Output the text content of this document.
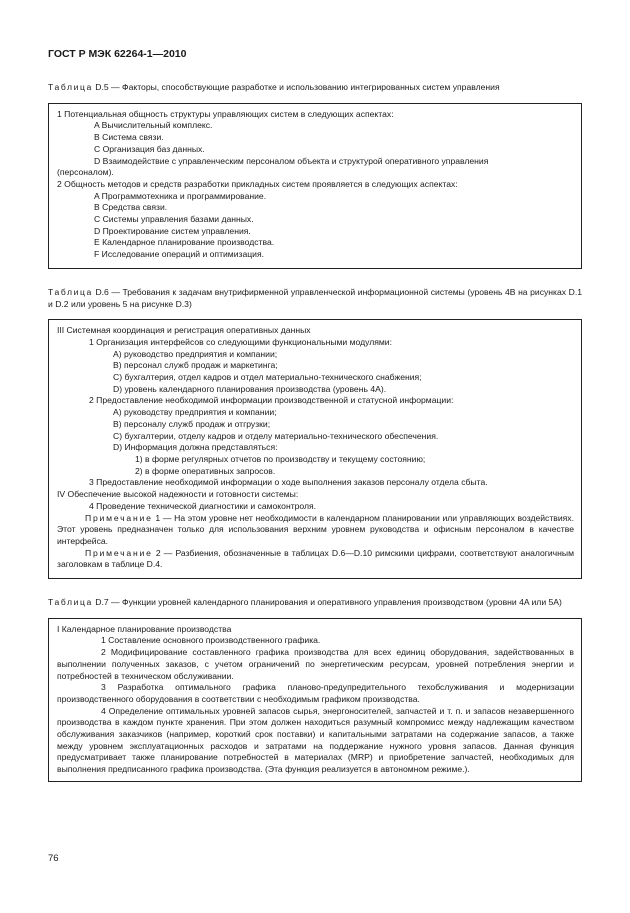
ГОСТ Р МЭК 62264-1—2010
Таблица D.5 — Факторы, способствующие разработке и использованию интегрированных систем управления

1 Потенциальная общность структуры управляющих систем в следующих аспектах:

A Вычислительный комплекс.

B Система связи.

C Организация баз данных.

D Взаимодействие с управленческим персоналом объекта и структурой оперативного управления

(персоналом).

2 Общность методов и средств разработки прикладных систем проявляется в следующих аспектах:

A Программотехника и программирование.

B Средства связи.

C Системы управления базами данных.

D Проектирование систем управления.

E Календарное планирование производства.

F Исследование операций и оптимизация.

Таблица D.6 — Требования к задачам внутрифирменной управленческой информационной системы (уровень 4B на рисунках D.1 и D.2 или уровень 5 на рисунке D.3)

III Системная координация и регистрация оперативных данных

1 Организация интерфейсов со следующими функциональными модулями:

A) руководство предприятия и компании;

B) персонал служб продаж и маркетинга;

C) бухгалтерия, отдел кадров и отдел материально-технического снабжения;

D) уровень календарного планирования производства (уровень 4A).

2 Предоставление необходимой информации производственной и статусной информации:

A) руководству предприятия и компании;

B) персоналу служб продаж и отгрузки;

C) бухгалтерии, отделу кадров и отделу материально-технического обеспечения.

D) Информация должна представляться:

1) в форме регулярных отчетов по производству и текущему состоянию;

2) в форме оперативных запросов.

3 Предоставление необходимой информации о ходе выполнения заказов персоналу отдела сбыта.

IV Обеспечение высокой надежности и готовности системы:

4 Проведение технической диагностики и самоконтроля.

Примечание 1 — На этом уровне нет необходимости в календарном планировании или управляющих воздействиях. Этот уровень предназначен только для использования верхним уровнем руководства и офисным персоналом в качестве интерфейса.

Примечание 2 — Разбиения, обозначенные в таблицах D.6—D.10 римскими цифрами, соответствуют аналогичным заголовкам в таблице D.4.

Таблица D.7 — Функции уровней календарного планирования и оперативного управления производством (уровни 4A или 5A)

I Календарное планирование производства

1 Составление основного производственного графика.

2 Модифицирование составленного графика производства для всех единиц оборудования, задействованных в выполнении полученных заказов, с учетом ограничений по энергетическим ресурсам, уровней потребления энергии и потребностей в техническом обслуживании.

3 Разработка оптимального графика планово-предупредительного техобслуживания и модернизации производственного оборудования в соответствии с необходимым графиком производства.

4 Определение оптимальных уровней запасов сырья, энергоносителей, запчастей и т. п. и запасов незавершенного производства в каждом пункте хранения. При этом должен находиться разумный компромисс между надлежащим качеством обслуживания заказчиков (например, короткий срок поставки) и капитальными затратами на содержание запасов, а также между уровнем эксплуатационных расходов и затратами на поддержание нужного уровня запасов. Данная функция предусматривает также планирование потребностей в материалах (MRP) и приобретение запчастей, необходимых для выполнения предписанного графика производства. (Эта функция реализуется в автономном режиме.).

76
